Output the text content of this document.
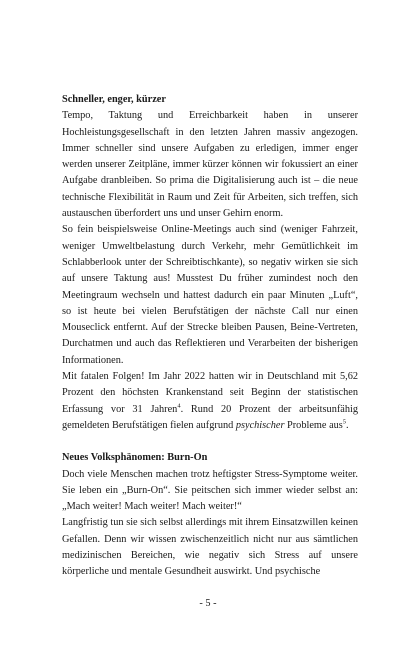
Schneller, enger, kürzer

Tempo, Taktung und Erreichbarkeit haben in unserer Hochleistungsgesellschaft in den letzten Jahren massiv angezogen. Immer schneller sind unsere Aufgaben zu erledigen, immer enger werden unserer Zeitpläne, immer kürzer können wir fokussiert an einer Aufgabe dranbleiben. So prima die Digitalisierung auch ist – die neue technische Flexibilität in Raum und Zeit für Arbeiten, sich treffen, sich austauschen überfordert uns und unser Gehirn enorm.

So fein beispielsweise Online-Meetings auch sind (weniger Fahrzeit, weniger Umweltbelastung durch Verkehr, mehr Gemütlichkeit im Schlabberlook unter der Schreibtischkante), so negativ wirken sie sich auf unsere Taktung aus! Musstest Du früher zumindest noch den Meetingraum wechseln und hattest dadurch ein paar Minuten „Luft“, so ist heute bei vielen Berufstätigen der nächste Call nur einen Mouseclick entfernt. Auf der Strecke bleiben Pausen, Beine-Vertreten, Durchatmen und auch das Reflektieren und Verarbeiten der bisherigen Informationen.

Mit fatalen Folgen! Im Jahr 2022 hatten wir in Deutschland mit 5,62 Prozent den höchsten Krankenstand seit Beginn der statistischen Erfassung vor 31 Jahren$^4$. Rund 20 Prozent der arbeitsunfähig gemeldeten Berufstätigen fielen aufgrund psychischer Probleme aus$^5$.

Neues Volksphänomen: Burn-On

Doch viele Menschen machen trotz heftigster Stress-Symptome weiter. Sie leben ein „Burn-On“. Sie peitschen sich immer wieder selbst an: „Mach weiter! Mach weiter! Mach weiter!“

Langfristig tun sie sich selbst allerdings mit ihrem Einsatzwillen keinen Gefallen. Denn wir wissen zwischenzeitlich nicht nur aus sämtlichen medizinischen Bereichen, wie negativ sich Stress auf unsere körperliche und mentale Gesundheit auswirkt. Und psychische

- 5 -
